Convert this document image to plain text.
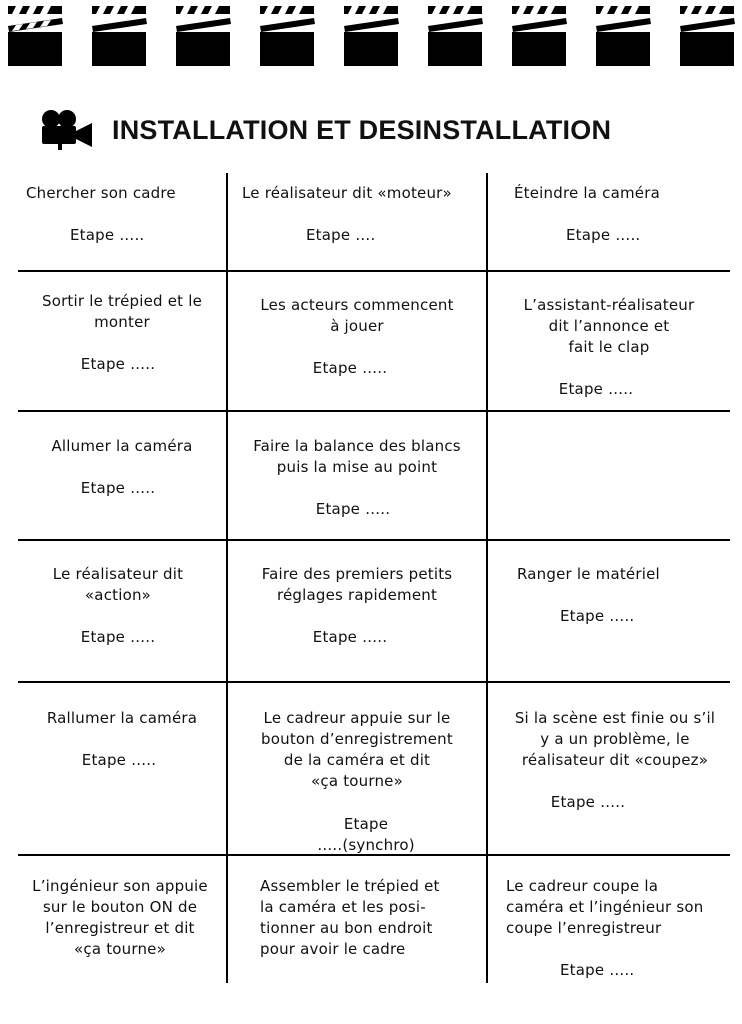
INSTALLATION ET DESINSTALLATION
Chercher son cadre
Etape …..
Le réalisateur dit «moteur»
Etape ….
Éteindre la caméra
Etape …..
Sortir le trépied et le
monter
Etape …..
Les acteurs commencent
à jouer
Etape …..
L’assistant-réalisateur
dit l’annonce et
fait le clap
Etape …..
Allumer la caméra
Etape …..
Faire la balance des blancs
puis la mise au point
Etape …..
Le réalisateur dit
«action»
Etape …..
Faire des premiers petits
réglages rapidement
Etape …..
Ranger le matériel
Etape …..
Rallumer la caméra
Etape …..
Le cadreur appuie sur le
bouton d’enregistrement
de la caméra et dit
«ça tourne»
Etape
…..(synchro)
Si la scène est finie ou s’il
y a un problème, le
réalisateur dit «coupez»
Etape …..
L’ingénieur son appuie
sur le bouton ON de
l’enregistreur et dit
«ça tourne»
Assembler le trépied et
la caméra et les posi-
tionner au bon endroit
pour avoir le cadre
Le cadreur coupe la
caméra et l’ingénieur son
coupe l’enregistreur
Etape …..
